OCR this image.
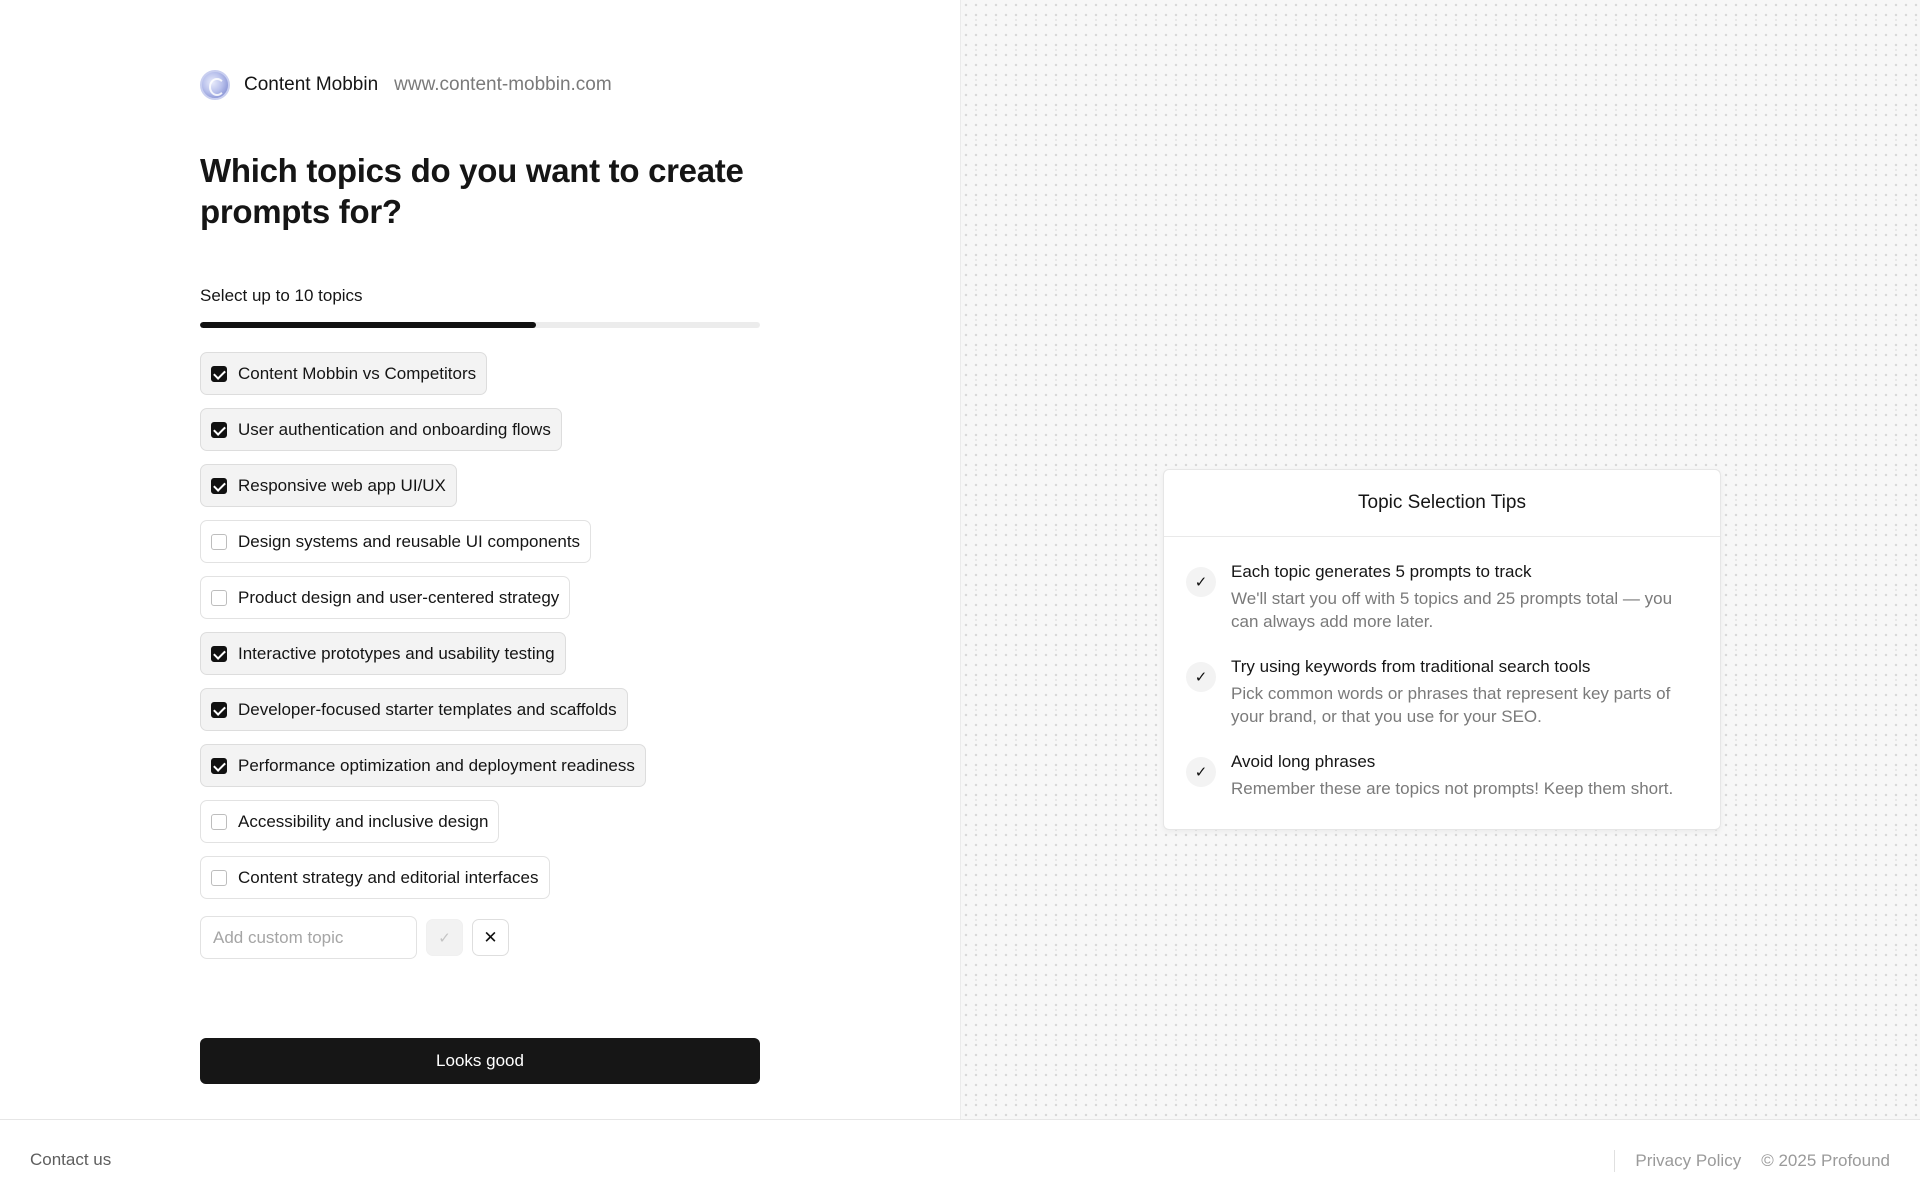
Content Mobbin www.content-mobbin.com
Which topics do you want to create prompts for?
Select up to 10 topics
Content Mobbin vs Competitors
User authentication and onboarding flows
Responsive web app UI/UX
Design systems and reusable UI components
Product design and user-centered strategy
Interactive prototypes and usability testing
Developer-focused starter templates and scaffolds
Performance optimization and deployment readiness
Accessibility and inclusive design
Content strategy and editorial interfaces
Add custom topic
✓ ✕
Looks good
Topic Selection Tips
✓
Each topic generates 5 prompts to track
We'll start you off with 5 topics and 25 prompts total — you can always add more later.
✓
Try using keywords from traditional search tools
Pick common words or phrases that represent key parts of your brand, or that you use for your SEO.
✓
Avoid long phrases
Remember these are topics not prompts! Keep them short.
Contact us	Privacy Policy © 2025 Profound
